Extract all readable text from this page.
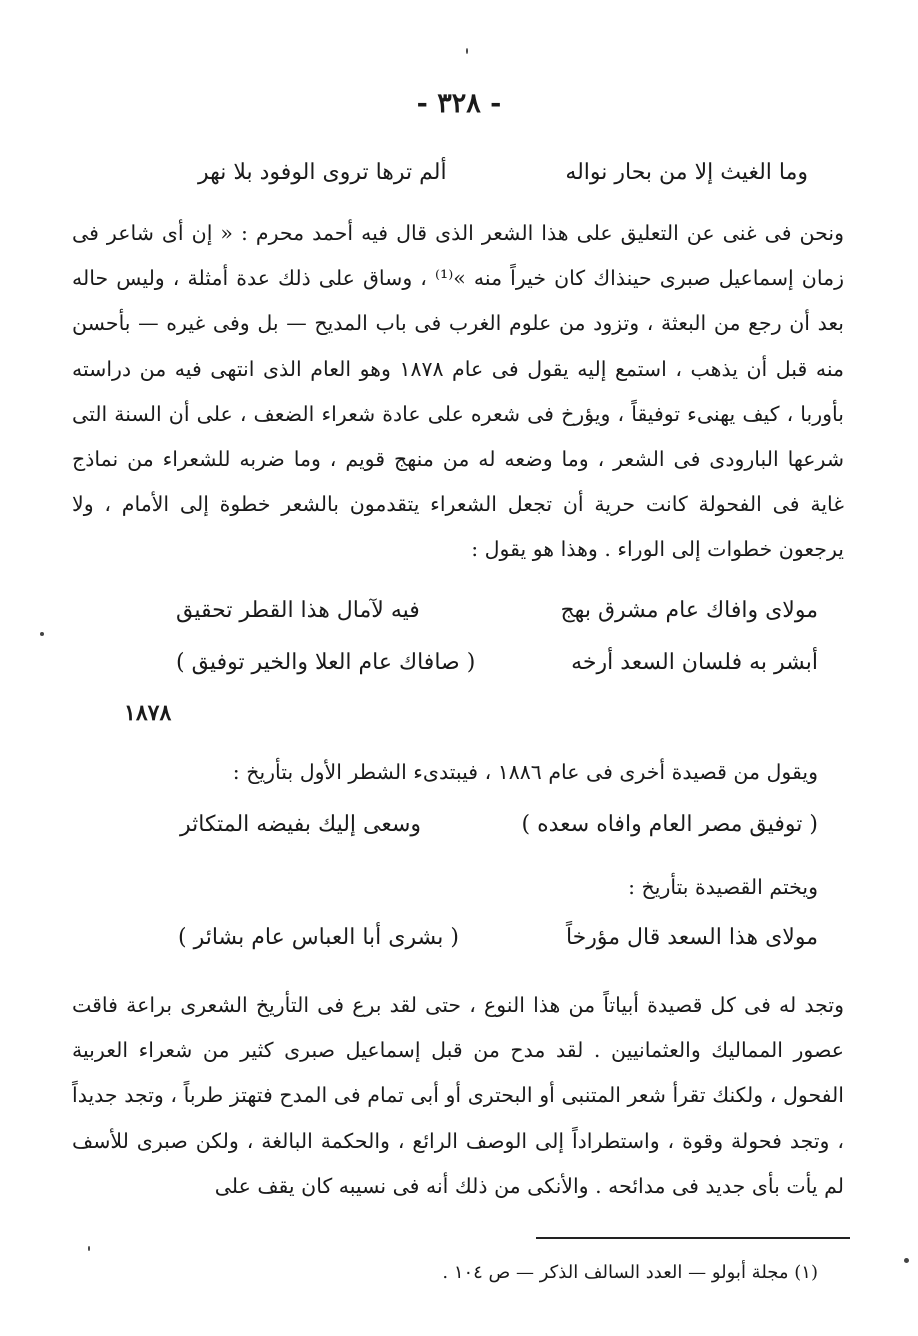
- ٣٢٨ -
وما الغيث إلا من بحار نواله
ألم ترها تروى الوفود بلا نهر
ونحن فى غنى عن التعليق على هذا الشعر الذى قال فيه أحمد محرم : « إن أى شاعر فى زمان إسماعيل صبرى حينذاك كان خيراً منه »⁽¹⁾ ، وساق على ذلك عدة أمثلة ، وليس حاله بعد أن رجع من البعثة ، وتزود من علوم الغرب فى باب المديح — بل وفى غيره — بأحسن منه قبل أن يذهب ، استمع إليه يقول فى عام ١٨٧٨ وهو العام الذى انتهى فيه من دراسته بأوربا ، كيف يهنىء توفيقاً ، ويؤرخ فى شعره على عادة شعراء الضعف ، على أن السنة التى شرعها البارودى فى الشعر ، وما وضعه له من منهج قويم ، وما ضربه للشعراء من نماذج غاية فى الفحولة كانت حرية أن تجعل الشعراء يتقدمون بالشعر خطوة إلى الأمام ، ولا يرجعون خطوات إلى الوراء . وهذا هو يقول :
مولاى وافاك عام مشرق بهج
فيه لآمال هذا القطر تحقيق
أبشر به فلسان السعد أرخه
( صافاك عام العلا والخير توفيق )
١٨٧٨
ويقول من قصيدة أخرى فى عام ١٨٨٦ ، فيبتدىء الشطر الأول بتأريخ :
( توفيق مصر العام وافاه سعده )
وسعى إليك بفيضه المتكاثر
ويختم القصيدة بتأريخ :
مولاى هذا السعد قال مؤرخاً
( بشرى أبا العباس عام بشائر )
وتجد له فى كل قصيدة أبياتاً من هذا النوع ، حتى لقد برع فى التأريخ الشعرى براعة فاقت عصور المماليك والعثمانيين . لقد مدح من قبل إسماعيل صبرى كثير من شعراء العربية الفحول ، ولكنك تقرأ شعر المتنبى أو البحترى أو أبى تمام فى المدح فتهتز طرباً ، وتجد جديداً ، وتجد فحولة وقوة ، واستطراداً إلى الوصف الرائع ، والحكمة البالغة ، ولكن صبرى للأسف لم يأت بأى جديد فى مدائحه . والأنكى من ذلك أنه فى نسيبه كان يقف على
(١) مجلة أبولو — العدد السالف الذكر — ص ١٠٤ .
